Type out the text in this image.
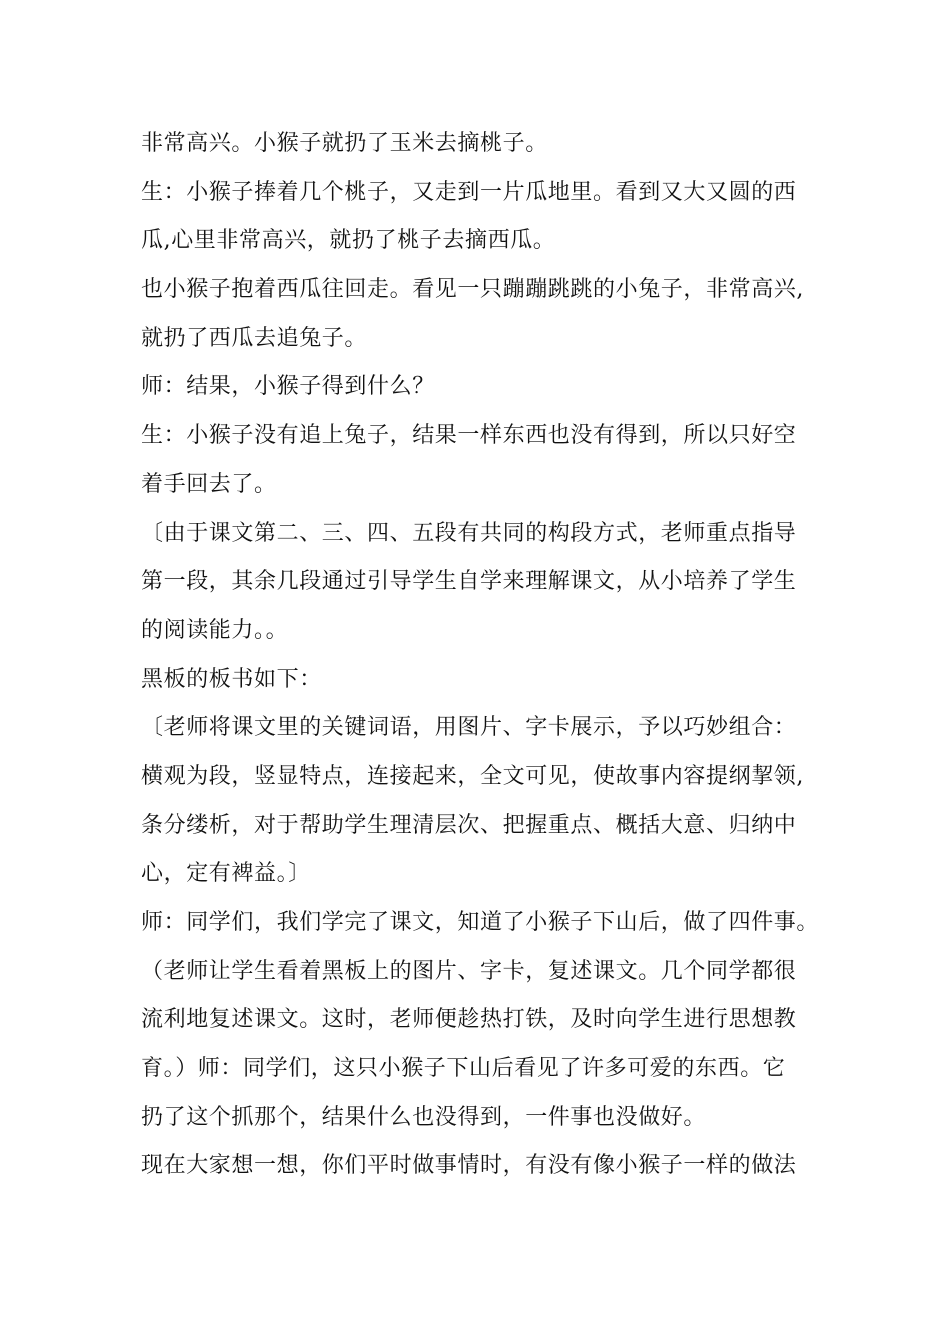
非常高兴。小猴子就扔了玉米去摘桃子。
生：小猴子捧着几个桃子，又走到一片瓜地里。看到又大又圆的西
瓜,心里非常高兴，就扔了桃子去摘西瓜。
也小猴子抱着西瓜往回走。看见一只蹦蹦跳跳的小兔子，非常高兴,
就扔了西瓜去追兔子。
师：结果，小猴子得到什么？
生：小猴子没有追上兔子，结果一样东西也没有得到，所以只好空
着手回去了。
〔由于课文第二、三、四、五段有共同的构段方式，老师重点指导
第一段，其余几段通过引导学生自学来理解课文，从小培养了学生
的阅读能力。。
黑板的板书如下：
〔老师将课文里的关键词语，用图片、字卡展示，予以巧妙组合：
横观为段，竖显特点，连接起来，全文可见，使故事内容提纲挈领,
条分缕析，对于帮助学生理清层次、把握重点、概括大意、归纳中
心，定有裨益。〕
师：同学们，我们学完了课文，知道了小猴子下山后，做了四件事。
（老师让学生看着黑板上的图片、字卡，复述课文。几个同学都很
流利地复述课文。这时，老师便趁热打铁，及时向学生进行思想教
育。）师：同学们，这只小猴子下山后看见了许多可爱的东西。它
扔了这个抓那个，结果什么也没得到，一件事也没做好。
现在大家想一想，你们平时做事情时，有没有像小猴子一样的做法
